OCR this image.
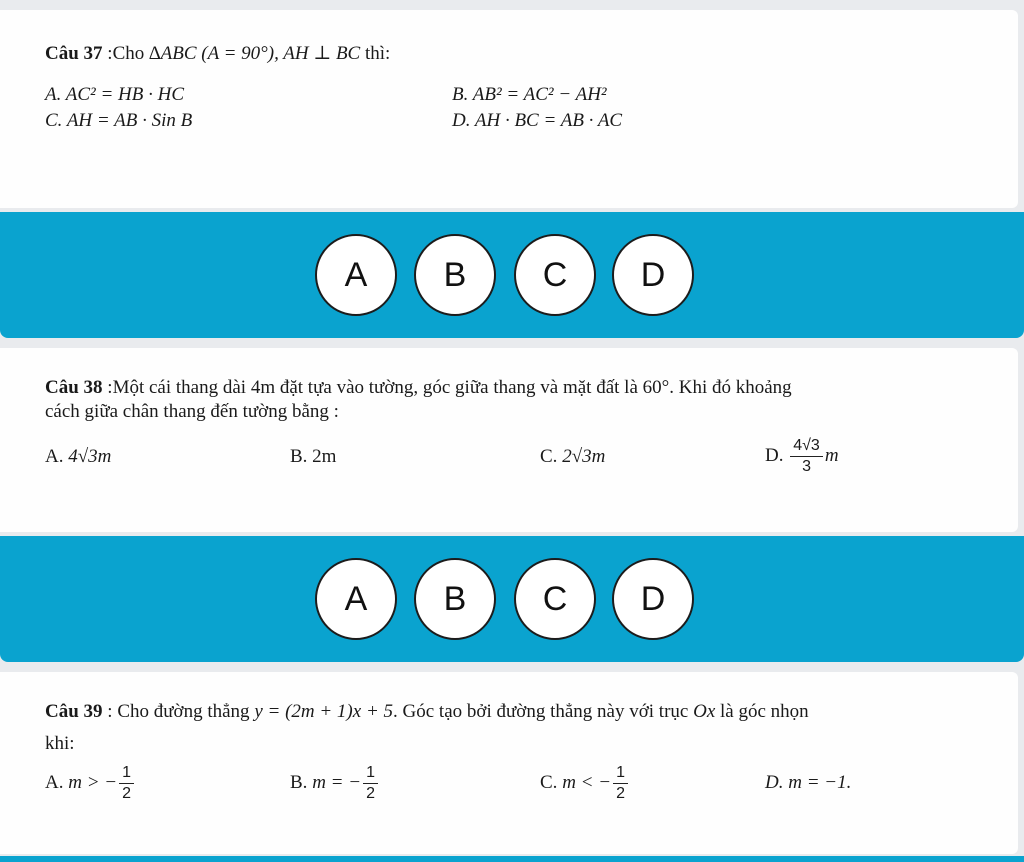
Câu 37 :Cho ∆ABC (A = 90°), AH ⊥ BC thì:
A. AC² = HB · HC	B. AB² = AC² − AH²
C. AH = AB · Sin B	D. AH · BC = AB · AC
A	B	C	D
Câu 38 :Một cái thang dài 4m đặt tựa vào tường, góc giữa thang và mặt đất là 60°. Khi đó khoảng
cách giữa chân thang đến tường bằng :
A. 4√3m	B. 2m	C. 2√3m	D. $\frac{4√3}{3}$ m
A	B	C	D
Câu 39 : Cho đường thẳng y = (2m + 1)x + 5. Góc tạo bởi đường thẳng này với trục Ox là góc nhọn
khi:
A. m > − $\frac{1}{2}$	B. m = − $\frac{1}{2}$	C. m < − $\frac{1}{2}$	D. m = −1.
